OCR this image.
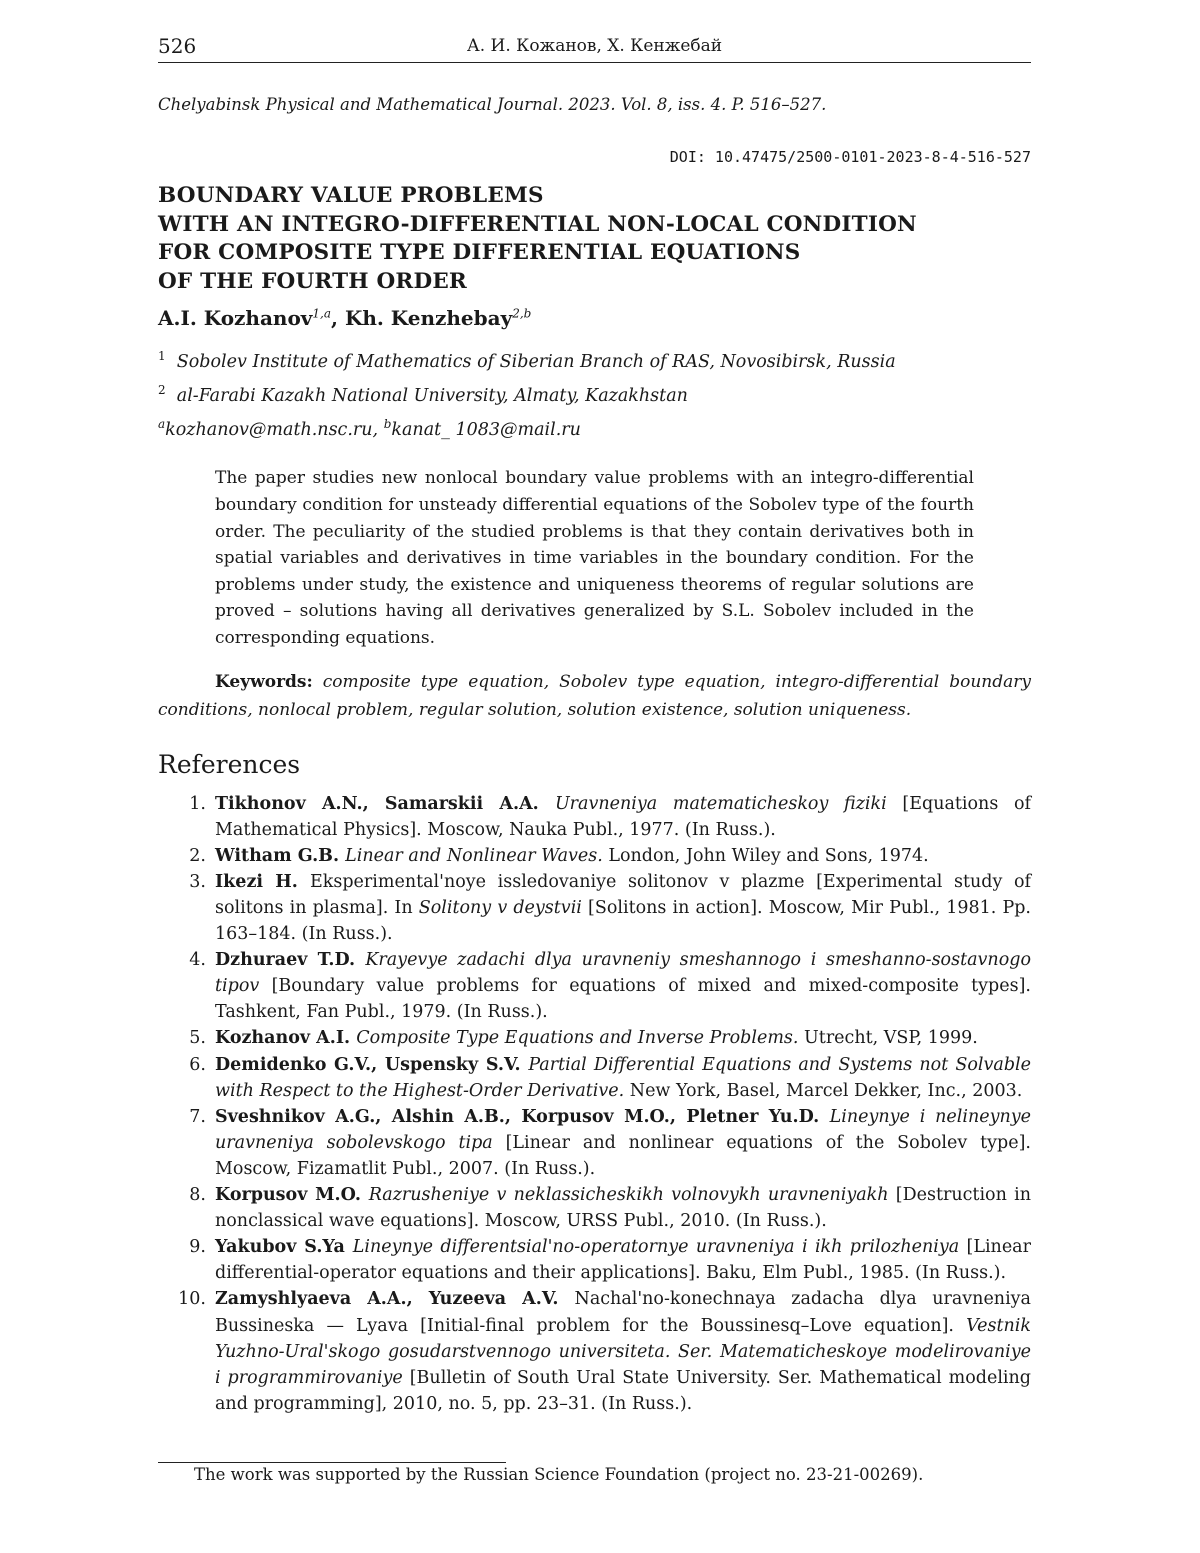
526	А. И. Кожанов, Х. Кенжебай
Chelyabinsk Physical and Mathematical Journal. 2023. Vol. 8, iss. 4. P. 516–527.
DOI: 10.47475/2500-0101-2023-8-4-516-527
BOUNDARY VALUE PROBLEMS
WITH AN INTEGRO-DIFFERENTIAL NON-LOCAL CONDITION
FOR COMPOSITE TYPE DIFFERENTIAL EQUATIONS
OF THE FOURTH ORDER
A.I. Kozhanov$^{1,a}$, Kh. Kenzhebay$^{2,b}$
$^1$ Sobolev Institute of Mathematics of Siberian Branch of RAS, Novosibirsk, Russia
$^2$ al-Farabi Kazakh National University, Almaty, Kazakhstan
$^a$kozhanov@math.nsc.ru, $^b$kanat_ 1083@mail.ru
The paper studies new nonlocal boundary value problems with an integro-differential boundary condition for unsteady differential equations of the Sobolev type of the fourth order. The peculiarity of the studied problems is that they contain derivatives both in spatial variables and derivatives in time variables in the boundary condition. For the problems under study, the existence and uniqueness theorems of regular solutions are proved – solutions having all derivatives generalized by S.L. Sobolev included in the corresponding equations.
Keywords: composite type equation, Sobolev type equation, integro-differential boundary conditions, nonlocal problem, regular solution, solution existence, solution uniqueness.
References
1. Tikhonov A.N., Samarskii A.A. Uravneniya matematicheskoy fiziki [Equations of Mathematical Physics]. Moscow, Nauka Publ., 1977. (In Russ.).
2. Witham G.B. Linear and Nonlinear Waves. London, John Wiley and Sons, 1974.
3. Ikezi H. Eksperimental'noye issledovaniye solitonov v plazme [Experimental study of solitons in plasma]. In Solitony v deystvii [Solitons in action]. Moscow, Mir Publ., 1981. Pp. 163–184. (In Russ.).
4. Dzhuraev T.D. Krayevye zadachi dlya uravneniy smeshannogo i smeshanno-sostavnogo tipov [Boundary value problems for equations of mixed and mixed-composite types]. Tashkent, Fan Publ., 1979. (In Russ.).
5. Kozhanov A.I. Composite Type Equations and Inverse Problems. Utrecht, VSP, 1999.
6. Demidenko G.V., Uspensky S.V. Partial Differential Equations and Systems not Solvable with Respect to the Highest-Order Derivative. New York, Basel, Marcel Dekker, Inc., 2003.
7. Sveshnikov A.G., Alshin A.B., Korpusov M.O., Pletner Yu.D. Lineynye i nelineynye uravneniya sobolevskogo tipa [Linear and nonlinear equations of the Sobolev type]. Moscow, Fizamatlit Publ., 2007. (In Russ.).
8. Korpusov M.O. Razrusheniye v neklassicheskikh volnovykh uravneniyakh [Destruction in nonclassical wave equations]. Moscow, URSS Publ., 2010. (In Russ.).
9. Yakubov S.Ya Lineynye differentsial'no-operatornye uravneniya i ikh prilozheniya [Linear differential-operator equations and their applications]. Baku, Elm Publ., 1985. (In Russ.).
10. Zamyshlyaeva A.A., Yuzeeva A.V. Nachal'no-konechnaya zadacha dlya uravneniya Bussineska — Lyava [Initial-final problem for the Boussinesq–Love equation]. Vestnik Yuzhno-Ural'skogo gosudarstvennogo universiteta. Ser. Matematicheskoye modelirovaniye i programmirovaniye [Bulletin of South Ural State University. Ser. Mathematical modeling and programming], 2010, no. 5, pp. 23–31. (In Russ.).
The work was supported by the Russian Science Foundation (project no. 23-21-00269).
